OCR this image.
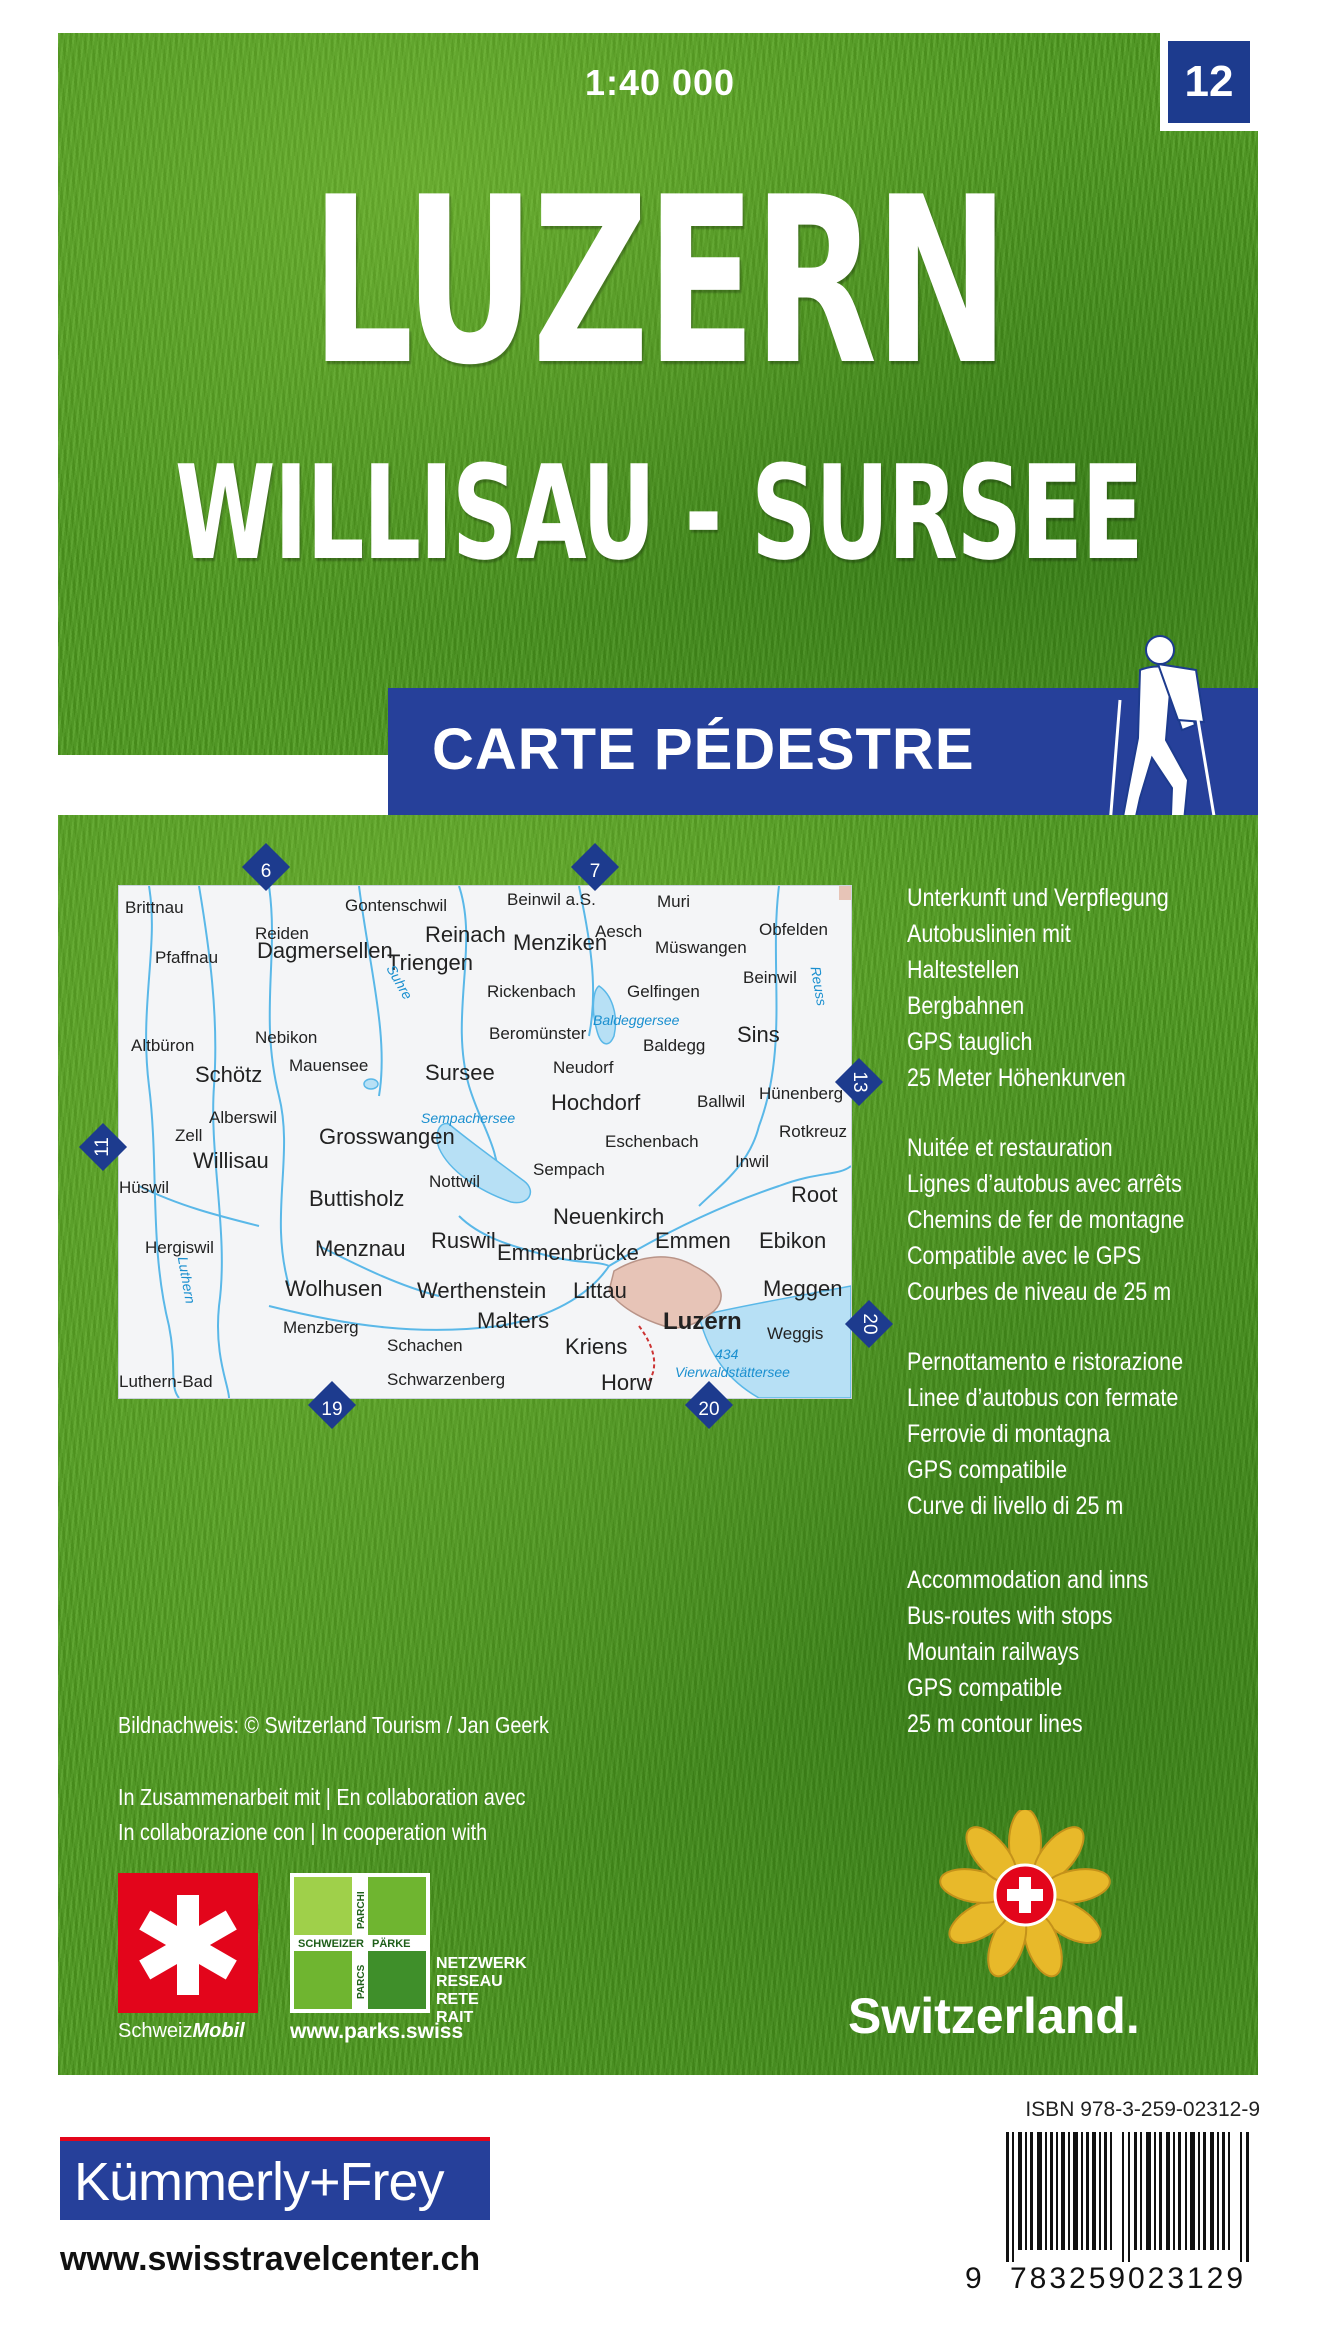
1:40 000	12
LUZERN
WILLISAU - SURSEE
CARTE PÉDESTRE
Brittnau
Reiden
Pfaffnau Dagmersellen
Altbüron	Nebikon
Schötz Mauensee
Zell
Alberswil
Willisau
Hüswil
Grosswangen
Buttisholz
Hergiswil	Menznau
Wolhusen
Menzberg
Luthern-Bad
Gontenschwil
Reinach
Triengen
Menziken
Rickenbach
Beromünster
Sursee	Neudorf
Nottwil
Sempach
Ruswil
Werthenstein
Malters
Schachen
Schwarzenberg
Beinwil a.S.
Aesch
Muri
Müswangen
Obfelden
Beinwil
Gelfingen
Baldegg Sins
Hochdorf	Ballwil Hünenberg
Eschenbach
Rotkreuz
Inwil
Root
Neuenkirch
Emmenbrücke Emmen Ebikon
Littau
Luzern
Meggen
Kriens
Horw
Weggis
Suhre
Baldeggersee
Reuss
Sempachersee
Luthern
Vierwaldstättersee
434
6	7
13
11
20
19	20
Unterkunft und Verpflegung
Autobuslinien mit
Haltestellen
Bergbahnen
GPS tauglich
25 Meter Höhenkurven
Nuitée et restauration
Lignes d’autobus avec arrêts
Chemins de fer de montagne
Compatible avec le GPS
Courbes de niveau de 25 m
Pernottamento e ristorazione
Linee d’autobus con fermate
Ferrovie di montagna
GPS compatibile
Curve di livello di 25 m
Accommodation and inns
Bus-routes with stops
Mountain railways
GPS compatible
25 m contour lines
Bildnachweis: © Switzerland Tourism / Jan Geerk
In Zusammenarbeit mit | En collaboration avec
In collaborazione con | In cooperation with
SchweizMobil
SCHWEIZER PÄRKE
PARCHI
PARCS
NETZWERK
RESEAU
RETE
RAIT
www.parks.swiss	Switzerland.
ISBN 978-3-259-02312-9
9 783259 023129
Kümmerly+Frey
www.swisstravelcenter.ch
